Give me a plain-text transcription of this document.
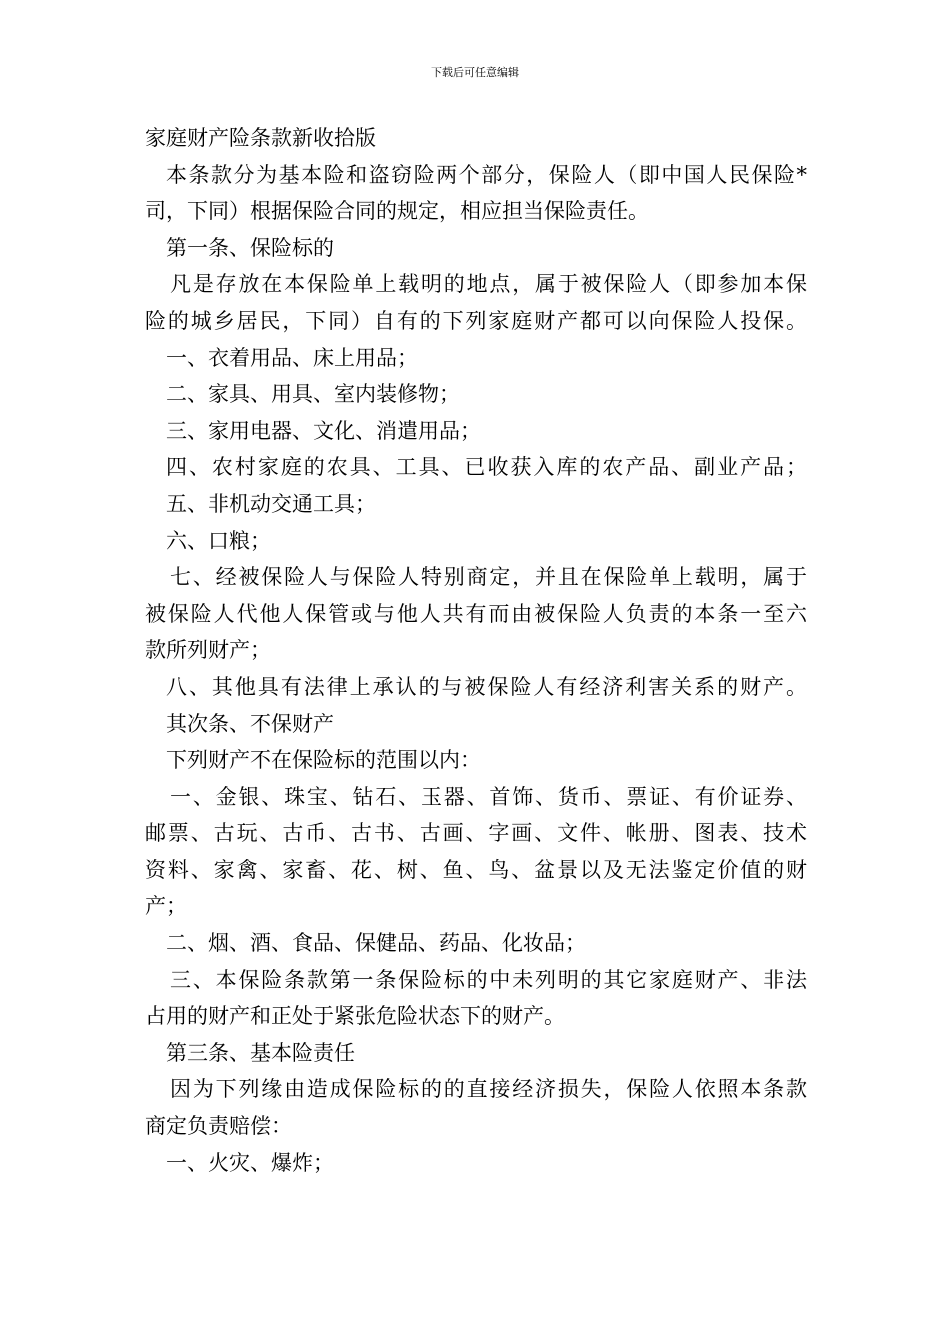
下载后可任意编辑
家庭财产险条款新收拾版
本条款分为基本险和盗窃险两个部分，保险人（即中国人民保险*
司，下同）根据保险合同的规定，相应担当保险责任。
第一条、保险标的
凡是存放在本保险单上载明的地点，属于被保险人（即参加本保
险的城乡居民，下同）自有的下列家庭财产都可以向保险人投保。
一、衣着用品、床上用品；
二、家具、用具、室内装修物；
三、家用电器、文化、消遣用品；
四、农村家庭的农具、工具、已收获入库的农产品、副业产品；
五、非机动交通工具；
六、口粮；
七、经被保险人与保险人特别商定，并且在保险单上载明，属于
被保险人代他人保管或与他人共有而由被保险人负责的本条一至六
款所列财产；
八、其他具有法律上承认的与被保险人有经济利害关系的财产。
其次条、不保财产
下列财产不在保险标的范围以内：
一、金银、珠宝、钻石、玉器、首饰、货币、票证、有价证券、
邮票、古玩、古币、古书、古画、字画、文件、帐册、图表、技术
资料、家禽、家畜、花、树、鱼、鸟、盆景以及无法鉴定价值的财
产；
二、烟、酒、食品、保健品、药品、化妆品；
三、本保险条款第一条保险标的中未列明的其它家庭财产、非法
占用的财产和正处于紧张危险状态下的财产。
第三条、基本险责任
因为下列缘由造成保险标的的直接经济损失，保险人依照本条款
商定负责赔偿：
一、火灾、爆炸；
